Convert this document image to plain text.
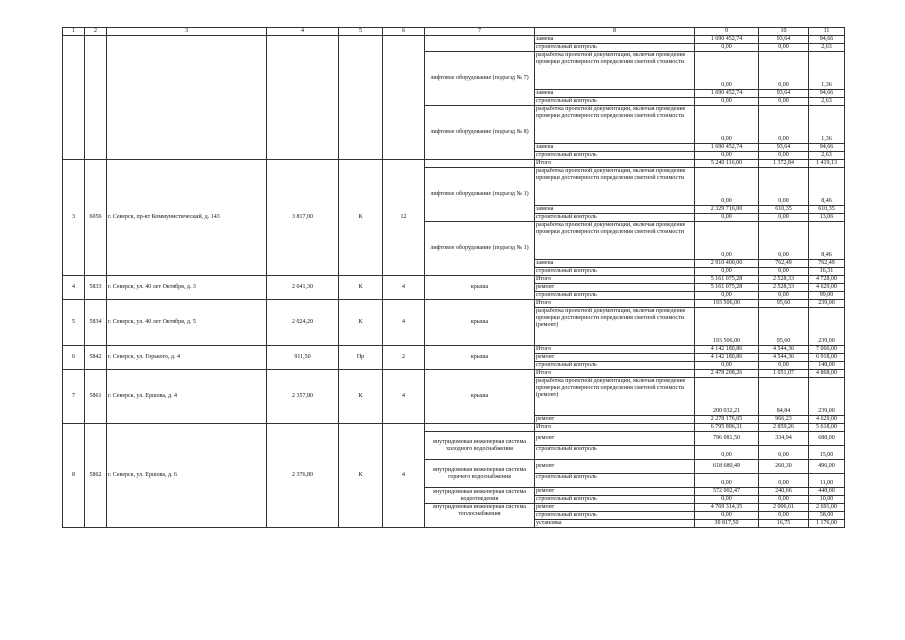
1	2	3	4	5	6	7	8	9	10	11
							замена	1 690 452,74	93,64	94,66
							строительный контроль	0,00	0,00	2,63
						лифтовое оборудование (подъезд № 7)	разработка проектной документации, включая проведение проверки достоверности определения сметной стоимости	0,00	0,00	1,36
							замена	1 690 452,74	93,64	94,66
							строительный контроль	0,00	0,00	2,63
						лифтовое оборудование (подъезд № 8)	разработка проектной документации, включая проведение проверки достоверности определения сметной стоимости	0,00	0,00	1,36
							замена	1 690 452,74	93,64	94,66
							строительный контроль	0,00	0,00	2,63
3	6056	г. Северск, пр-кт Коммунистический, д. 143	3 817,00	К	12		Итого	5 240 116,00	1 372,84	1 419,13
						лифтовое оборудование (подъезд № 1)	разработка проектной документации, включая проведение проверки достоверности определения сметной стоимости	0,00	0,00	8,46
							замена	2 329 716,00	610,35	610,35
							строительный контроль	0,00	0,00	13,06
						лифтовое оборудование (подъезд № 1)	разработка проектной документации, включая проведение проверки достоверности определения сметной стоимости	0,00	0,00	8,46
							замена	2 910 400,00	762,49	762,49
							строительный контроль	0,00	0,00	16,31
4	5833	г. Северск, ул. 40 лет Октября, д. 3	2 041,30	К	4	крыша	Итого	5 161 075,28	2 528,33	4 728,00
							ремонт	5 161 075,28	2 528,33	4 629,00
							строительный контроль	0,00	0,00	99,00
5	5834	г. Северск, ул. 40 лет Октября, д. 5	2 024,20	К	4	крыша	Итого	193 506,00	95,60	239,00
							разработка проектной документации, включая проведение проверки достоверности определения сметной стоимости (ремонт)	193 506,00	95,60	239,00
6	5842	г. Северск, ул. Горького, д. 4	911,50	Пр	2	крыша	Итого	4 142 180,86	4 544,36	7 066,00
							ремонт	4 142 180,86	4 544,36	6 918,00
							строительный контроль	0,00	0,00	148,00
7	5861	г. Северск, ул. Ершова, д. 4	2 357,80	К	4	крыша	Итого	2 478 208,26	1 051,07	4 868,00
							разработка проектной документации, включая проведение проверки достоверности определения сметной стоимости (ремонт)	200 032,21	84,84	239,00
							ремонт	2 278 176,05	966,23	4 629,00
8	5862	г. Северск, ул. Ершова, д. 6	2 376,80	К	4		Итого	6 795 896,31	2 859,26	5 618,00
						внутридомовая инженерная система холодного водоснабжения	ремонт	796 081,50	334,94	688,00
							строительный контроль	0,00	0,00	15,00
						внутридомовая инженерная система горячего водоснабжения	ремонт	618 680,49	260,30	496,00
							строительный контроль	0,00	0,00	11,00
						внутридомовая инженерная система водоотведения	ремонт	572 002,47	240,66	448,00
							строительный контроль	0,00	0,00	10,00
						внутридомовая инженерная система теплоснабжения	ремонт	4 769 314,35	2 006,61	2 691,00
							строительный контроль	0,00	0,00	58,00
							установка	39 817,50	16,75	1 176,00
